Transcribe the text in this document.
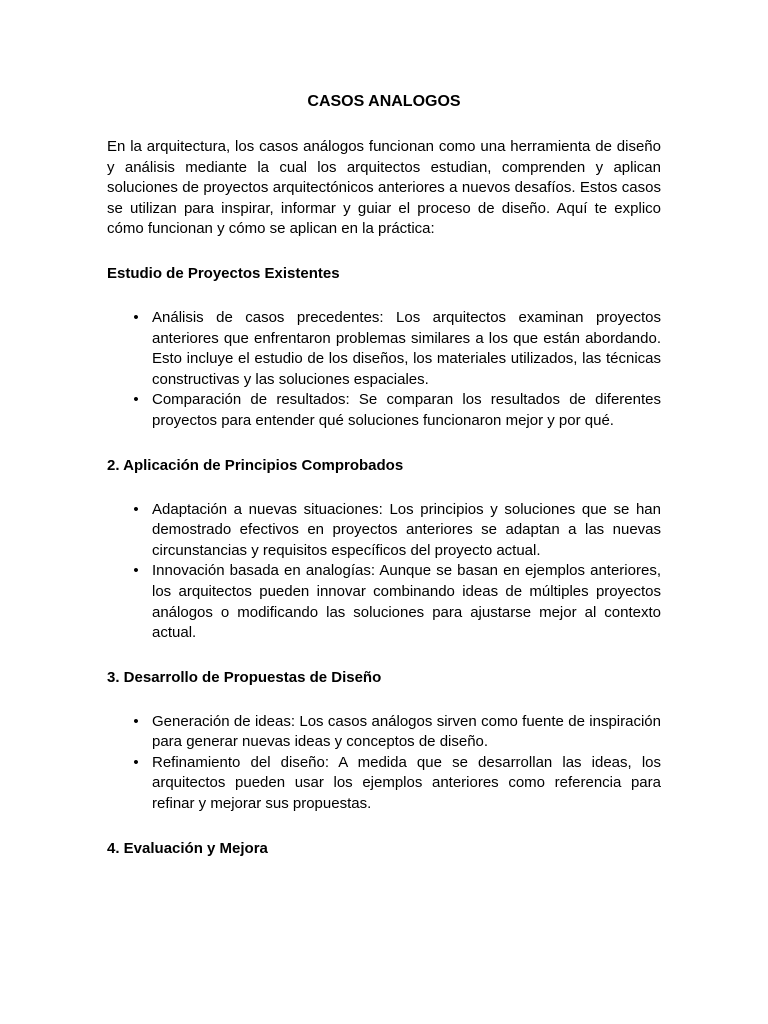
CASOS ANALOGOS

En la arquitectura, los casos análogos funcionan como una herramienta de diseño y análisis mediante la cual los arquitectos estudian, comprenden y aplican soluciones de proyectos arquitectónicos anteriores a nuevos desafíos. Estos casos se utilizan para inspirar, informar y guiar el proceso de diseño. Aquí te explico cómo funcionan y cómo se aplican en la práctica:

Estudio de Proyectos Existentes
• Análisis de casos precedentes: Los arquitectos examinan proyectos anteriores que enfrentaron problemas similares a los que están abordando. Esto incluye el estudio de los diseños, los materiales utilizados, las técnicas constructivas y las soluciones espaciales.
• Comparación de resultados: Se comparan los resultados de diferentes proyectos para entender qué soluciones funcionaron mejor y por qué.
2. Aplicación de Principios Comprobados
• Adaptación a nuevas situaciones: Los principios y soluciones que se han demostrado efectivos en proyectos anteriores se adaptan a las nuevas circunstancias y requisitos específicos del proyecto actual.
• Innovación basada en analogías: Aunque se basan en ejemplos anteriores, los arquitectos pueden innovar combinando ideas de múltiples proyectos análogos o modificando las soluciones para ajustarse mejor al contexto actual.
3. Desarrollo de Propuestas de Diseño
• Generación de ideas: Los casos análogos sirven como fuente de inspiración para generar nuevas ideas y conceptos de diseño.
• Refinamiento del diseño: A medida que se desarrollan las ideas, los arquitectos pueden usar los ejemplos anteriores como referencia para refinar y mejorar sus propuestas.
4. Evaluación y Mejora
